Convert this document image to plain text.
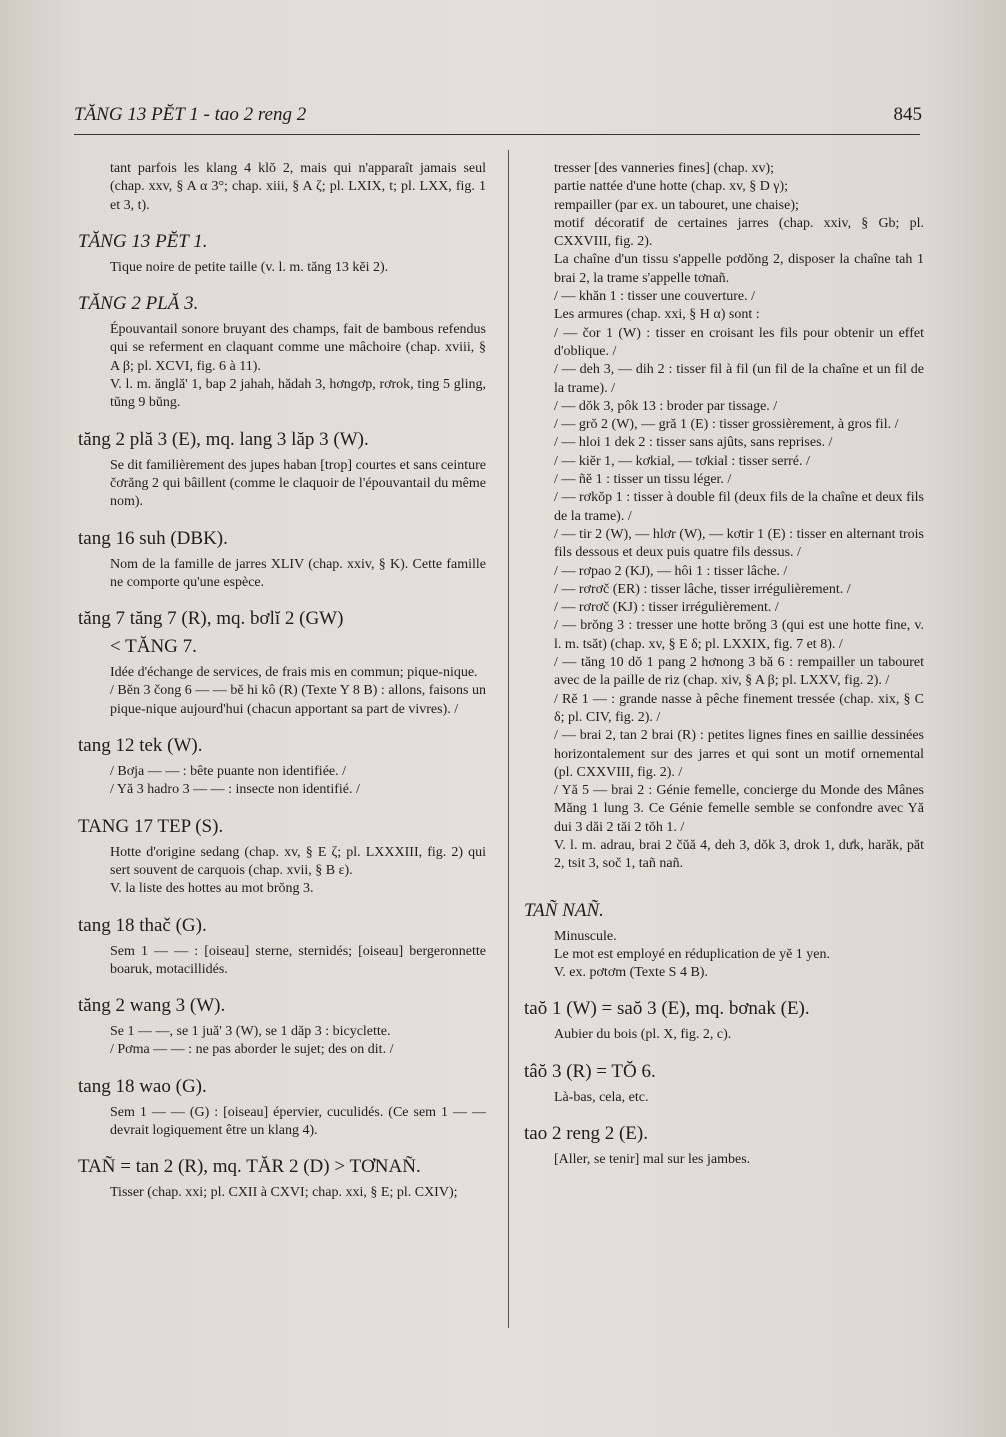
TĂNG 13 PĔT 1 - tao 2 reng 2	845

tant parfois les klang 4 klŏ 2, mais qui n'apparaît jamais seul (chap. xxv, § A α 3°; chap. xiii, § A ζ; pl. LXIX, t; pl. LXX, fig. 1 et 3, t).

TĂNG 13 PĔT 1.

Tique noire de petite taille (v. l. m. tăng 13 kĕi 2).

TĂNG 2 PLĂ 3.

Épouvantail sonore bruyant des champs, fait de bambous refendus qui se referment en claquant comme une mâchoire (chap. xviii, § A β; pl. XCVI, fig. 6 à 11).

V. l. m. ănglă' 1, bap 2 jahah, hădah 3, hơngơp, rơrok, ting 5 gling, tŭng 9 bŭng.

tăng 2 plă 3 (E), mq. lang 3 lăp 3 (W).

Se dit familièrement des jupes haban [trop] courtes et sans ceinture čơrăng 2 qui bâillent (comme le claquoir de l'épouvantail du même nom).

tang 16 suh (DBK).

Nom de la famille de jarres XLIV (chap. xxiv, § K). Cette famille ne comporte qu'une espèce.

tăng 7 tăng 7 (R), mq. bơlĭ 2 (GW)
< TĂNG 7.

Idée d'échange de services, de frais mis en commun; pique-nique.

/ Bĕn 3 čong 6 — — bĕ hi kô (R) (Texte Y 8 B) : allons, faisons un pique-nique aujourd'hui (chacun apportant sa part de vivres). /

tang 12 tek (W).

/ Bơja — — : bête puante non identifiée. /

/ Yă 3 hadro 3 — — : insecte non identifié. /

TANG 17 TEP (S).

Hotte d'origine sedang (chap. xv, § E ζ; pl. LXXXIII, fig. 2) qui sert souvent de carquois (chap. xvii, § B ε).

V. la liste des hottes au mot brŏng 3.

tang 18 thač (G).

Sem 1 — — : [oiseau] sterne, sternidés; [oiseau] bergeronnette boaruk, motacillidés.

tăng 2 wang 3 (W).

Se 1 — —, se 1 juă' 3 (W), se 1 dăp 3 : bicyclette.

/ Pơma — — : ne pas aborder le sujet; des on dit. /

tang 18 wao (G).

Sem 1 — — (G) : [oiseau] épervier, cuculidés. (Ce sem 1 — — devrait logiquement être un klang 4).

TAÑ = tan 2 (R), mq. TĂR 2 (D) > TƠNAÑ.

Tisser (chap. xxi; pl. CXII à CXVI; chap. xxi, § E; pl. CXIV);

tresser [des vanneries fines] (chap. xv);

partie nattée d'une hotte (chap. xv, § D γ);

rempailler (par ex. un tabouret, une chaise);

motif décoratif de certaines jarres (chap. xxiv, § Gb; pl. CXXVIII, fig. 2).

La chaîne d'un tissu s'appelle pơdŏng 2, disposer la chaîne tah 1 brai 2, la trame s'appelle tơnañ.

/ — khăn 1 : tisser une couverture. /

Les armures (chap. xxi, § H α) sont :

/ — čor 1 (W) : tisser en croisant les fils pour obtenir un effet d'oblique. /

/ — deh 3, — dih 2 : tisser fil à fil (un fil de la chaîne et un fil de la trame). /

/ — dŏk 3, pôk 13 : broder par tissage. /

/ — grŏ 2 (W), — gră 1 (E) : tisser grossièrement, à gros fil. /

/ — hloi 1 dek 2 : tisser sans ajûts, sans reprises. /

/ — kiĕr 1, — kơkial, — tơkial : tisser serré. /

/ — ñĕ 1 : tisser un tissu léger. /

/ — rơkŏp 1 : tisser à double fil (deux fils de la chaîne et deux fils de la trame). /

/ — tir 2 (W), — hlơr (W), — kơtir 1 (E) : tisser en alternant trois fils dessous et deux puis quatre fils dessus. /

/ — rơpao 2 (KJ), — hôi 1 : tisser lâche. /

/ — rơrơč (ER) : tisser lâche, tisser irrégulièrement. /

/ — rơrơč (KJ) : tisser irrégulièrement. /

/ — brŏng 3 : tresser une hotte brŏng 3 (qui est une hotte fine, v. l. m. tsăt) (chap. xv, § E δ; pl. LXXIX, fig. 7 et 8). /

/ — tăng 10 dŏ 1 pang 2 hơnong 3 bă 6 : rempailler un tabouret avec de la paille de riz (chap. xiv, § A β; pl. LXXV, fig. 2). /

/ Rĕ 1 — : grande nasse à pêche finement tressée (chap. xix, § C δ; pl. CIV, fig. 2). /

/ — brai 2, tan 2 brai (R) : petites lignes fines en saillie dessinées horizontalement sur des jarres et qui sont un motif ornemental (pl. CXXVIII, fig. 2). /

/ Yă 5 — brai 2 : Génie femelle, concierge du Monde des Mânes Măng 1 lung 3. Ce Génie femelle semble se confondre avec Yă dui 3 dăi 2 tăi 2 tŏh 1. /

V. l. m. adrau, brai 2 čŭă 4, deh 3, dŏk 3, drok 1, dưk, harăk, păt 2, tsit 3, soč 1, tañ nañ.

TAÑ NAÑ.

Minuscule.

Le mot est employé en réduplication de yĕ 1 yen.

V. ex. pơtơm (Texte S 4 B).

taŏ 1 (W) = saŏ 3 (E), mq. bơnak (E).

Aubier du bois (pl. X, fig. 2, c).

tâŏ 3 (R) = TŎ 6.

Là-bas, cela, etc.

tao 2 reng 2 (E).

[Aller, se tenir] mal sur les jambes.
